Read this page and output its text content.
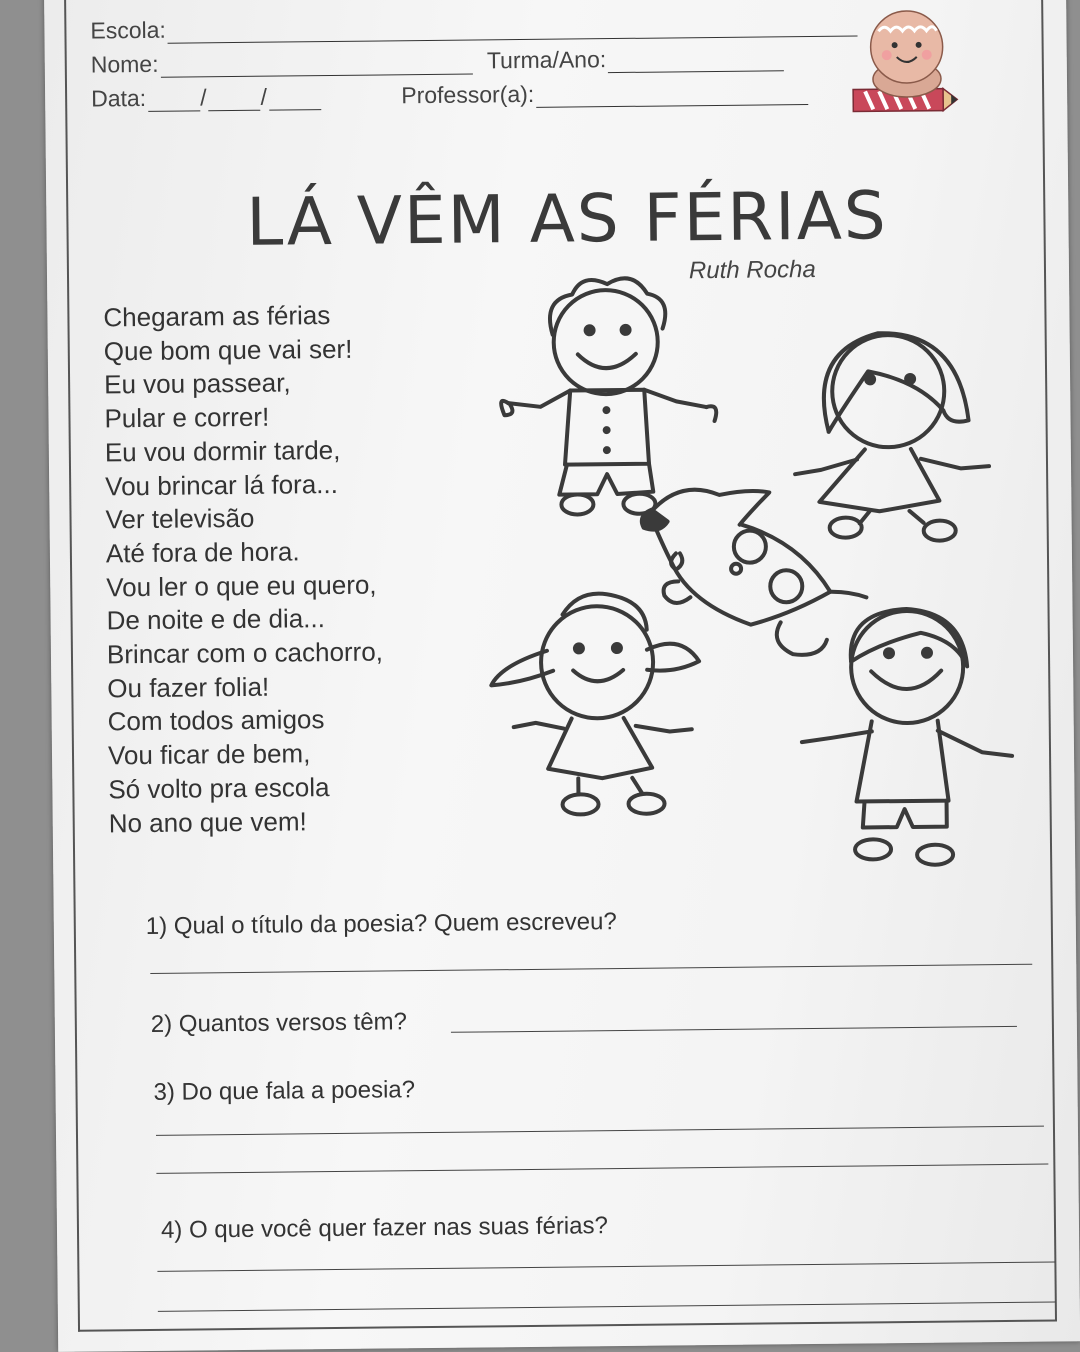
Escola:
Nome:	Turma/Ano:
Data: / /	Professor(a):
LÁ VÊM AS FÉRIAS
Ruth Rocha
Chegaram as férias
Que bom que vai ser!
Eu vou passear,
Pular e correr!
Eu vou dormir tarde,
Vou brincar lá fora...
Ver televisão
Até fora de hora.
Vou ler o que eu quero,
De noite e de dia...
Brincar com o cachorro,
Ou fazer folia!
Com todos amigos
Vou ficar de bem,
Só volto pra escola
No ano que vem!
1) Qual o título da poesia? Quem escreveu?
2) Quantos versos têm?
3) Do que fala a poesia?
4) O que você quer fazer nas suas férias?
